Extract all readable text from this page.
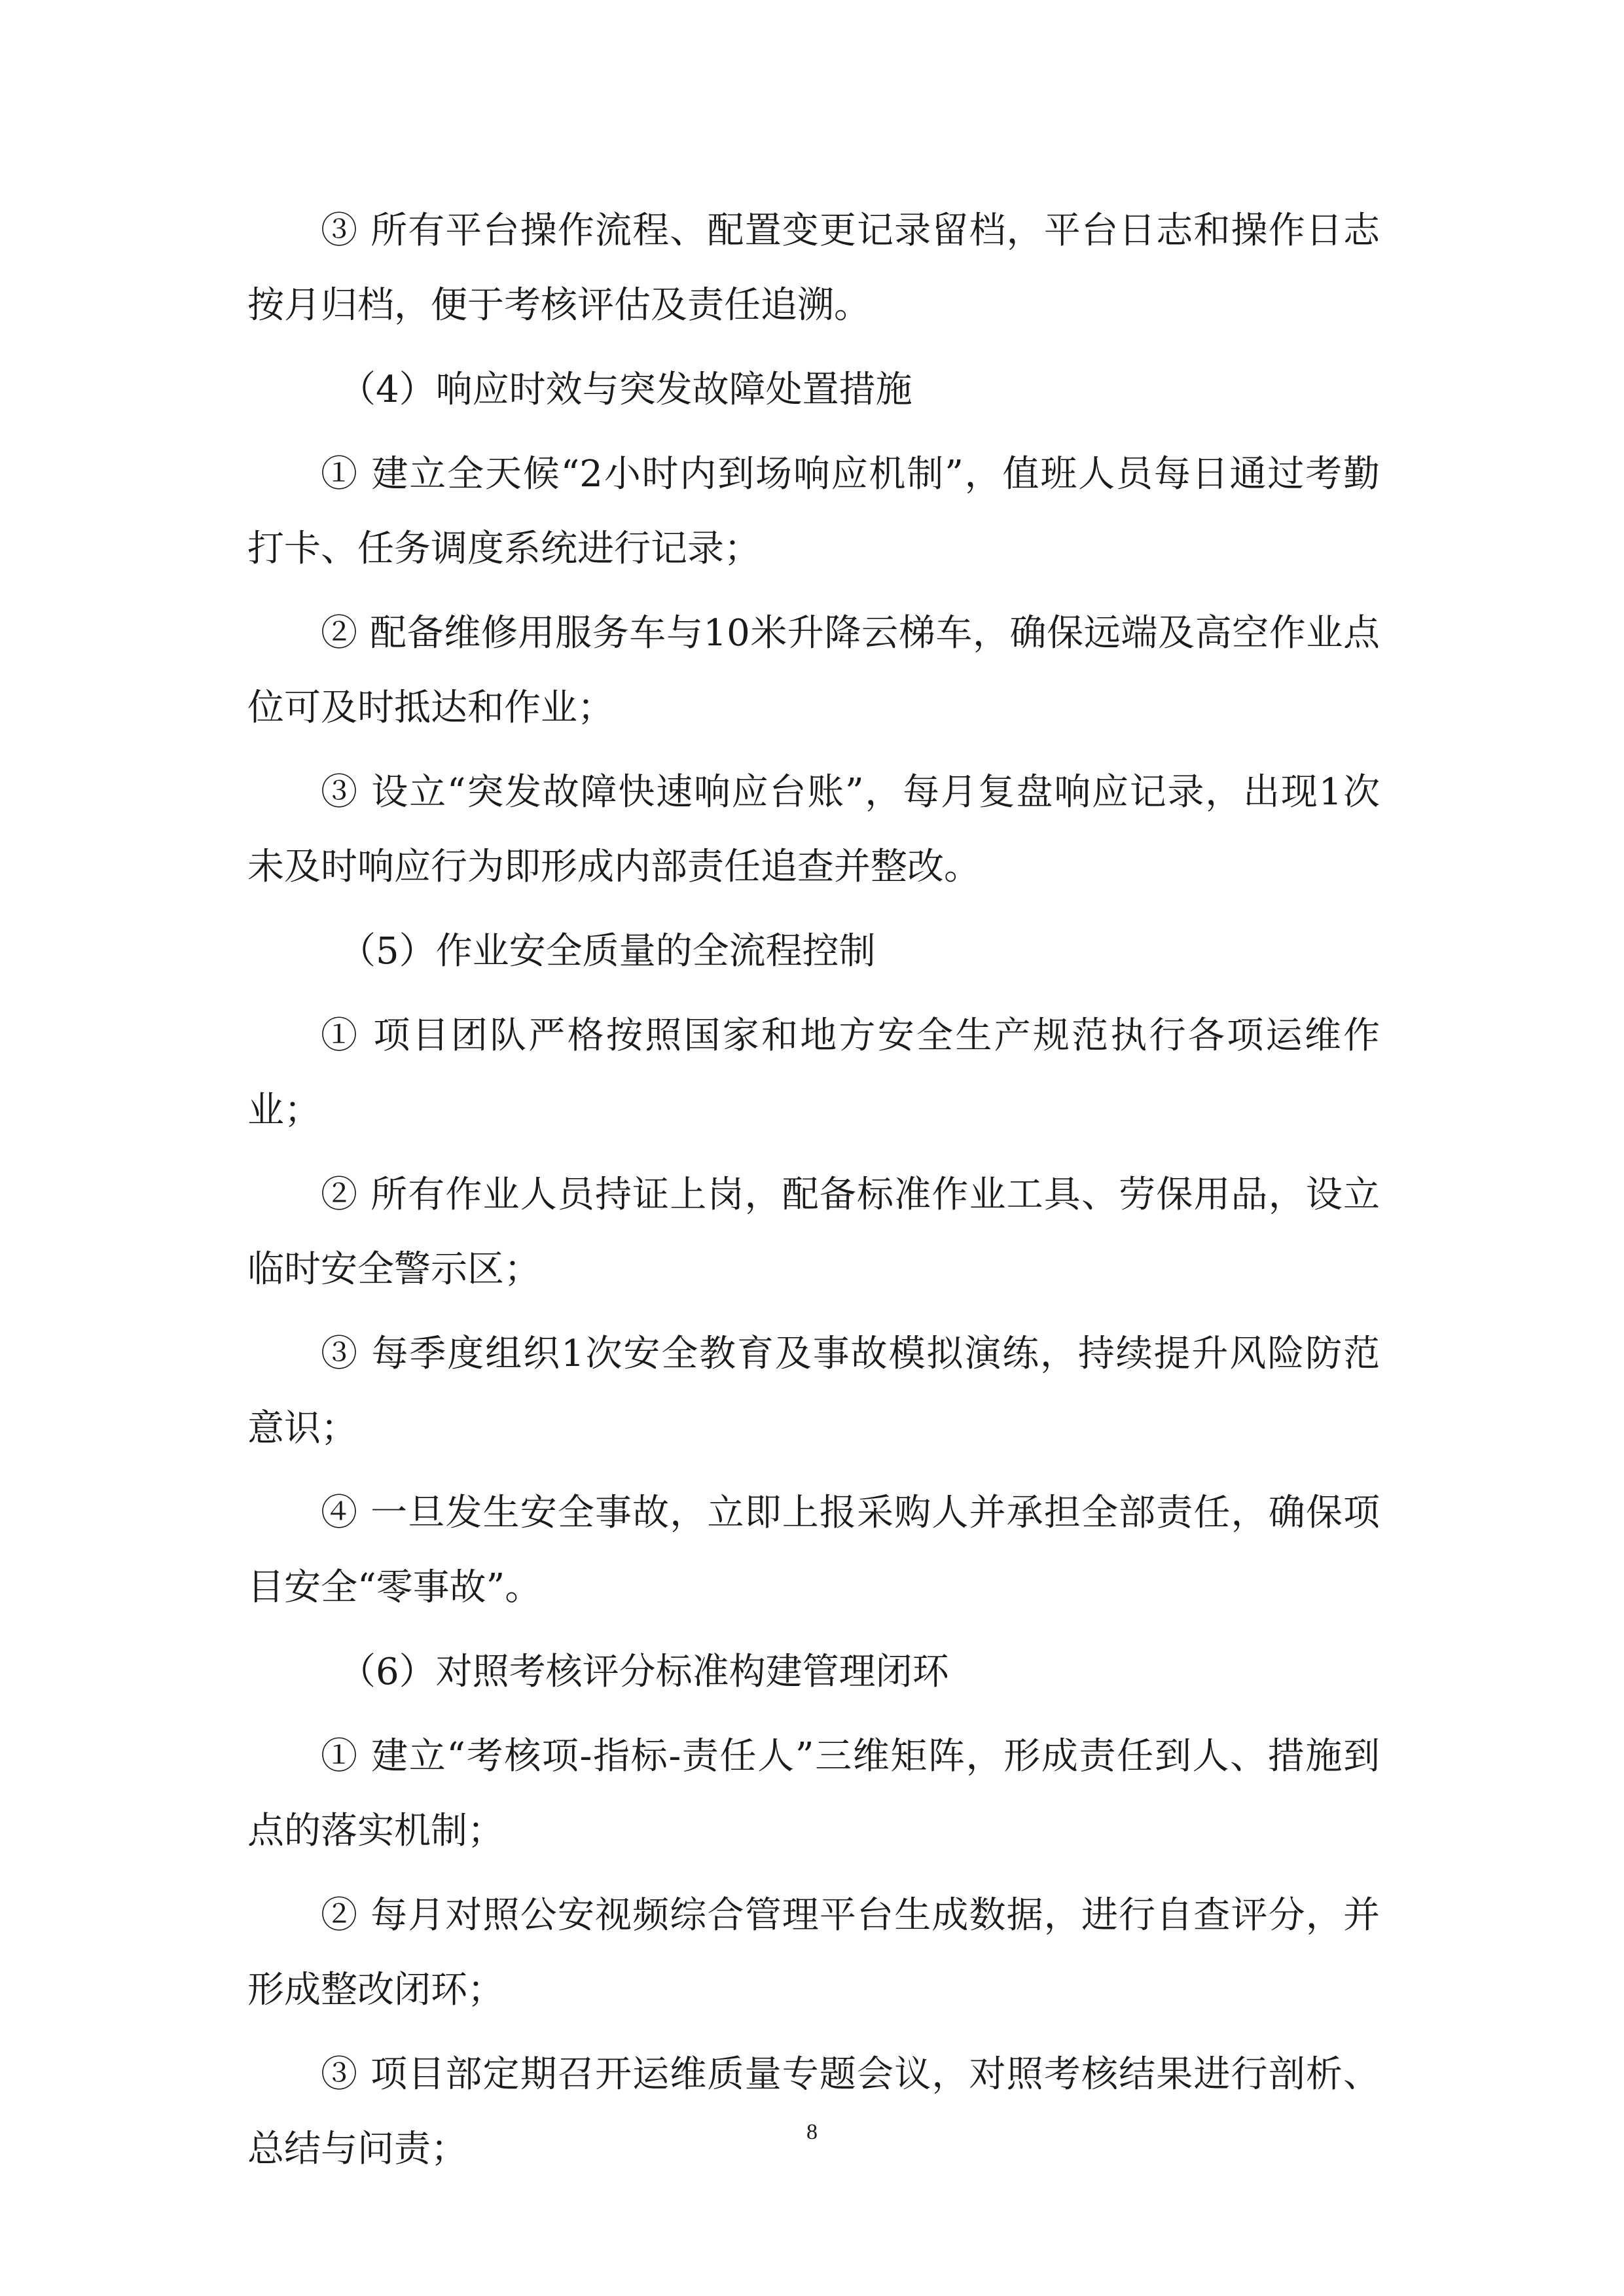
③ 所有平台操作流程、配置变更记录留档，平台日志和操作日志按月归档，便于考核评估及责任追溯。

（4）响应时效与突发故障处置措施

① 建立全天候“2小时内到场响应机制”，值班人员每日通过考勤打卡、任务调度系统进行记录；

② 配备维修用服务车与10米升降云梯车，确保远端及高空作业点位可及时抵达和作业；

③ 设立“突发故障快速响应台账”，每月复盘响应记录，出现1次未及时响应行为即形成内部责任追查并整改。

（5）作业安全质量的全流程控制

① 项目团队严格按照国家和地方安全生产规范执行各项运维作业；

② 所有作业人员持证上岗，配备标准作业工具、劳保用品，设立临时安全警示区；

③ 每季度组织1次安全教育及事故模拟演练，持续提升风险防范意识；

④ 一旦发生安全事故，立即上报采购人并承担全部责任，确保项目安全“零事故”。

（6）对照考核评分标准构建管理闭环

① 建立“考核项-指标-责任人”三维矩阵，形成责任到人、措施到点的落实机制；

② 每月对照公安视频综合管理平台生成数据，进行自查评分，并形成整改闭环；

③ 项目部定期召开运维质量专题会议，对照考核结果进行剖析、总结与问责；	8
